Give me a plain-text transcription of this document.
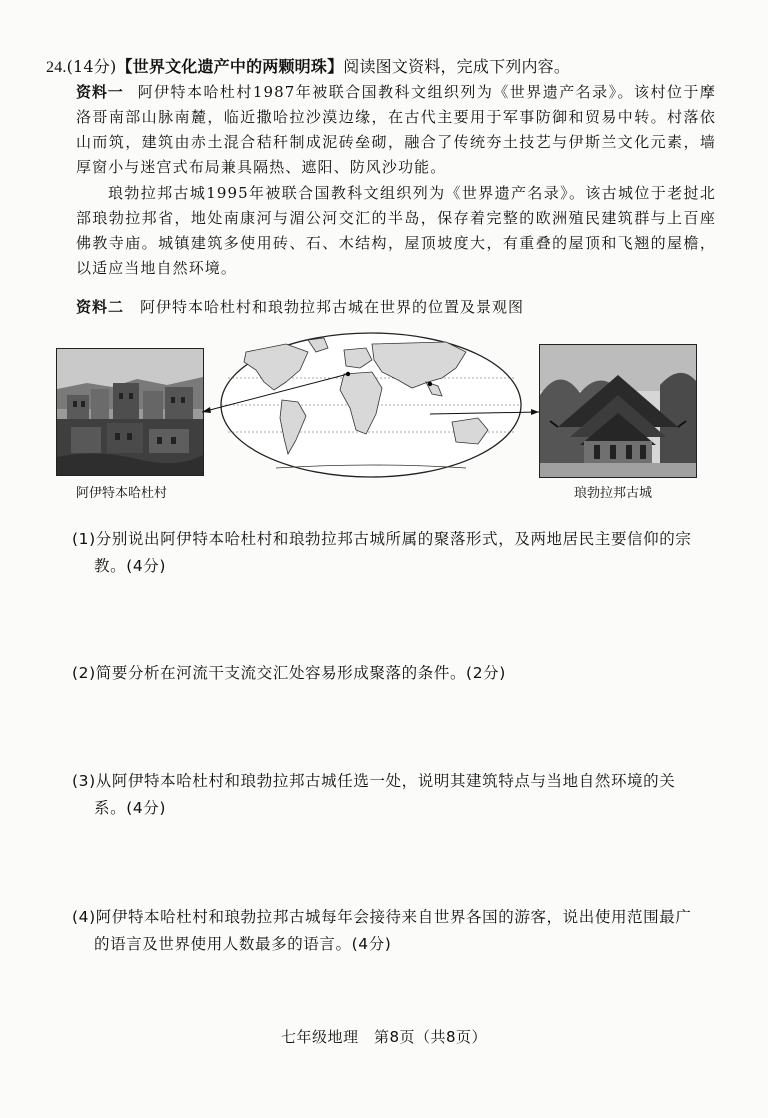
24.(14分)【世界文化遗产中的两颗明珠】阅读图文资料，完成下列内容。
资料一 阿伊特本哈杜村1987年被联合国教科文组织列为《世界遗产名录》。该村位于摩洛哥南部山脉南麓，临近撒哈拉沙漠边缘，在古代主要用于军事防御和贸易中转。村落依山而筑，建筑由赤土混合秸秆制成泥砖垒砌，融合了传统夯土技艺与伊斯兰文化元素，墙厚窗小与迷宫式布局兼具隔热、遮阳、防风沙功能。
琅勃拉邦古城1995年被联合国教科文组织列为《世界遗产名录》。该古城位于老挝北部琅勃拉邦省，地处南康河与湄公河交汇的半岛，保存着完整的欧洲殖民建筑群与上百座佛教寺庙。城镇建筑多使用砖、石、木结构，屋顶坡度大，有重叠的屋顶和飞翘的屋檐，以适应当地自然环境。
资料二 阿伊特本哈杜村和琅勃拉邦古城在世界的位置及景观图
阿伊特本哈杜村	琅勃拉邦古城
(1)分别说出阿伊特本哈杜村和琅勃拉邦古城所属的聚落形式，及两地居民主要信仰的宗
教。(4分)
(2)简要分析在河流干支流交汇处容易形成聚落的条件。(2分)
(3)从阿伊特本哈杜村和琅勃拉邦古城任选一处，说明其建筑特点与当地自然环境的关
系。(4分)
(4)阿伊特本哈杜村和琅勃拉邦古城每年会接待来自世界各国的游客，说出使用范围最广
的语言及世界使用人数最多的语言。(4分)
七年级地理　第8页（共8页）
